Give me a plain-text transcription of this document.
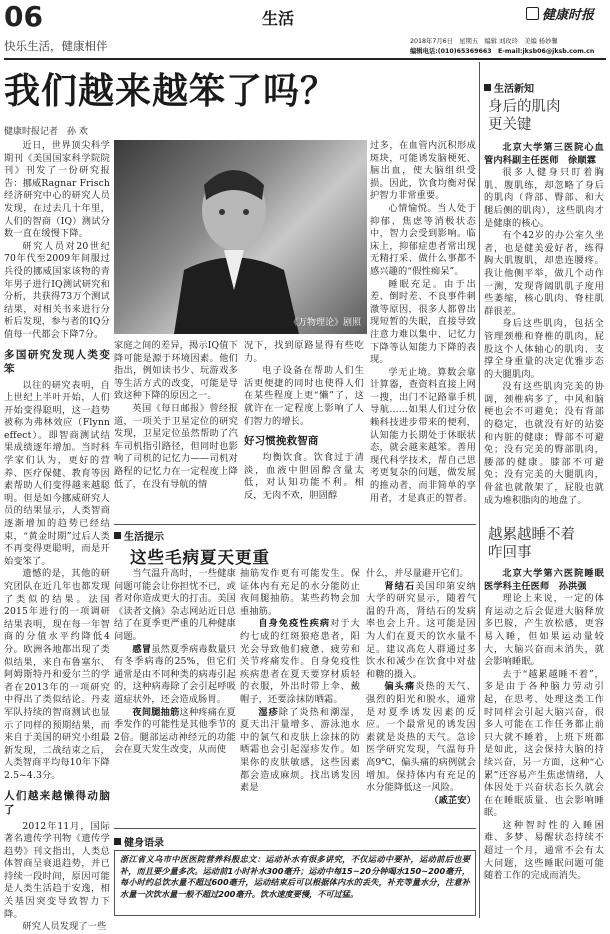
06	生活	健康时报
快乐生活，健康相伴	2018年7月6日　星期五　编辑 刘玫玲　美编 杨妙馨
编辑电话:(010)65369663　E-mail:jksb06@jksb.com.cn
我们越来越笨了吗？
健康时报记者　孙 欢

近日，世界顶尖科学期刊《美国国家科学院院刊》刊发了一份研究报告：挪威Ragnar Frisch经济研究中心的研究人员发现，在过去几十年里，人们的智商（IQ）测试分数一直在缓慢下降。

研究人员对20世纪70年代至2009年间服过兵役的挪威国家该物的青年男子进行IQ测试研究和分析，共获得73万个测试结果，对相关书来进行分析后发现，参与者的IQ分值每一代都会下降7分。

多国研究发现人类变笨

以往的研究表明，自上世纪上半叶开始，人们开始变得聪明，这一趋势被称为弗林效应（Flynn effect）。即智商测试结果成绩逐年增加。当时科学家们认为，更好的营养、医疗保健、教育等因素帮助人们变得越来越聪明。但是如今挪威研究人员的结果显示，人类智商逐渐增加的趋势已经结束，“黄金时期”过后人类不再变得更聪明，而是开始变笨了。

遗憾的是，其他的研究团队在近几年也都发现了类似的结果。法国2015年进行的一项调研结果表明，现在每一年智商的分值水平约降低4分。欧洲各地都出现了类似结果，来自布鲁塞尔、阿姆斯特丹和爱尔兰的学者在2013年的一项研究中得出了类似结论。丹麦军队持续的智商测试也显示了同样的预期结果，而来自于美国的研究小组最新发现，二战结束之后，人类智商平均每10年下降2.5~4.3分。

人们越来越懒得动脑了

2012年11月，国际著名遗传学刊物《遗传学趋势》刊文指出，人类总体智商呈衰退趋势，并已持续一段时间，原因可能是人类生活趋于安逸，相关基因突变导致智力下降。

研究人员发现了一些

《万物理论》剧照

家庭之间的差异，揭示IQ值下降可能是源于环境因素。他们指出，例如读书少、玩游戏多等生活方式的改变，可能是导致这种下降的原因之一。

英国《每日邮报》曾经报道，一项关于卫星定位的研究发现，卫星定位虽然帮助了汽车司机指引路径，但同时也影响了司机的记忆力——司机对路程的记忆力在一定程度上降低了，在没有导航的情

况下，找到原路显得有些吃力。

电子设备在帮助人们生活更便捷的同时也使得人们在某些程度上更“懒”了，这就许在一定程度上影响了人们智力的增长。

好习惯挽救智商

均衡饮食。饮食过于清淡，血液中胆固醇含量太低，对认知功能不利。相反，无肉不欢，胆固醇

过多，在血管内沉积形成斑块，可能诱发脑梗死、脑出血，使大脑组织受损。因此，饮食均衡对保护智力非常重要。

心情愉悦。当人处于抑郁、焦虑等消极状态中，智力会受到影响。临床上，抑郁症患者常出现无精打采、做什么事都不感兴趣的“假性痴呆”。

睡眠充足。由于出差、倒时差、不良事件刺激等原因，很多人都曾出现短暂的失眠，直接导致注意力难以集中、记忆力下降等认知能力下降的表现。

学无止境。算数会靠计算器，查资料直接上网一搜，出门不记路靠手机导航……如果人们过分依赖科技进步带来的便利，认知能力长期处于休眠状态，就会越来越笨。善用现代科学技术，帮自己思考更复杂的问题，做发展的推动者，而非简单的享用者，才是真正的智者。

生活提示
这些毛病夏天更重

当气温升高时，一些健康问题可能会让你担忧不已，或者对你造成更大的打击。美国《读者文摘》杂志网站近日总结了在夏季更严重的几种健康问题。

感冒虽然夏季病毒数量只有冬季病毒的25%，但它们通常是由不同种类的病毒引起的，这种病毒除了会引起呼吸道症状外，还会造成肠胃。

夜间腿抽筋这种疼痛在夏季发作的可能性是其他季节的2倍。腿部运动神经元的功能会在夏天发生改变，从而使

抽筋发作更有可能发生。保证体内有充足的水分能防止夜间腿抽筋。某些药物会加重抽筋。

自身免疫性疾病对于大约七成的红斑狼疮患者，阳光会导致他们疲惫、疲劳和关节疼痛发作。自身免疫性疾病患者在夏天要穿材质轻的衣服，外出时带上伞、戴帽子，还要涂抹防晒霜。

湿疹除了炎热和潮湿，夏天出汗量增多、游泳池水中的氯气和皮肤上涂抹的防晒霜也会引起湿疹发作。如果你的皮肤敏感，这些因素都会造成麻烦。找出诱发因素是

什么，并尽量避开它们。

肾结石美国印第安纳大学的研究显示，随着气温的升高，肾结石的发病率也会上升。这可能是因为人们在夏天的饮水量不足。建议高危人群通过多饮水和减少在饮食中对盐和糖的摄入。

偏头痛炎热的天气、强烈的阳光和脱水，通常是对夏季诱发因素的反应。一个最常见的诱发因素就是炎热的天气。急诊医学研究发现，气温每升高9℃，偏头痛的病例就会增加。保持体内有充足的水分能降低这一风险。

（戚芷安）

健身语录
浙江省义乌市中医医院营养科殷忠文：运动补水有很多讲究，不仅运动中要补，运动前后也要补，而且要少量多次。运动前1小时补水300毫升；运动中每15~20分钟喝水150~200毫升，每小时约总饮水量不超过600毫升，运动结束后可以根据体内水的丢失，补充等量水分，注意补水量一次饮水量一般不超过200毫升。饮水速度要慢，不可过猛。
生活新知
身后的肌肉
更关键

北京大学第三医院心血管内科副主任医师　徐顺霖

很多人健身只盯着胸肌、腹肌练，却忽略了身后的肌肉（背部、臀部、和大腿后侧的肌肉），这些肌肉才是健康的核心。

有个42岁的办公室久坐者，也是健美爱好者，练得胸大肌腹肌，却患连腰疼。我让他侧平举，做几个动作一测，发现背阔肌肌子度用些萎缩，核心肌肉、脊柱肌群很差。

身后这些肌肉，包括全管理颈椎和脊椎的肌肉，屁股这个人体轴心的肌肉、支撑全身重量的决定优雅步态的大腿肌肉。

没有这些肌肉完美的协调，颈椎病多了，中风和脑梗也会不可避免；没有背部的稳定，也就没有好的站姿和内脏的健康；臀部不可避免；没有完美的臀部肌肉，腰部的健康。膝部不可避免；没有完美的大腿肌肉，骨盆也就散架了，屁股也就成为堆积脂肉的地盘了。

越累越睡不着
咋回事

北京大学第六医院睡眠医学科主任医师　孙洪强

理论上来说，一定的体育运动之后会促进大脑释放多巴胺，产生放松感，更容易入睡，但如果运动量较大，大脑兴奋而未消失，就会影响睡眠。

去于“越累越睡不着”，多是由于各种脑力劳动引起，在思考、处理这类工作时同样会引起大脑兴奋，很多人可能在工作任务都止前只大就不睡着，上班下班都是如此，这会保持大脑的持续兴奋，另一方面，这种“心累”还容易产生焦虑情绪，人体因处于兴奋状态长久就会在在睡眠质量、也会影响睡眠。

这种智时性的入睡困难、多梦、易醒状态持续不超过一个月，通常不会有太大问题，这些睡眠问题可能随着工作的完成而消失。
